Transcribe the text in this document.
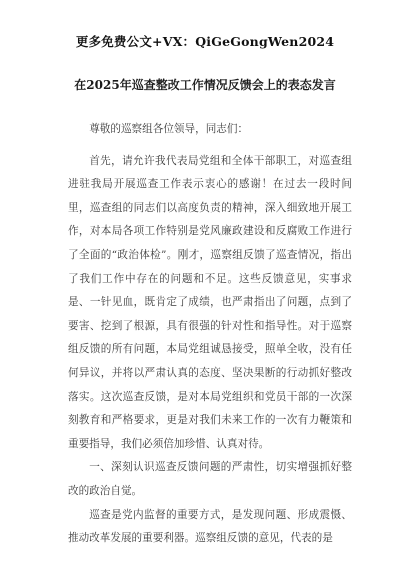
更多免费公文+VX：QiGeGongWen2024
在2025年巡查整改工作情况反馈会上的表态发言

尊敬的巡察组各位领导，同志们：

首先，请允许我代表局党组和全体干部职工，对巡查组进驻我局开展巡查工作表示衷心的感谢！在过去一段时间里，巡查组的同志们以高度负责的精神，深入细致地开展工作，对本局各项工作特别是党风廉政建设和反腐败工作进行了全面的“政治体检”。刚才，巡察组反馈了巡查情况，指出了我们工作中存在的问题和不足。这些反馈意见，实事求是、一针见血，既肯定了成绩，也严肃指出了问题，点到了要害、挖到了根源，具有很强的针对性和指导性。对于巡察组反馈的所有问题，本局党组诚恳接受，照单全收，没有任何异议，并将以严肃认真的态度、坚决果断的行动抓好整改落实。这次巡查反馈，是对本局党组织和党员干部的一次深刻教育和严格要求，更是对我们未来工作的一次有力鞭策和重要指导，我们必须倍加珍惜、认真对待。

一、深刻认识巡查反馈问题的严肃性，切实增强抓好整改的政治自觉。

巡查是党内监督的重要方式，是发现问题、形成震慑、推动改革发展的重要利器。巡察组反馈的意见，代表的是
